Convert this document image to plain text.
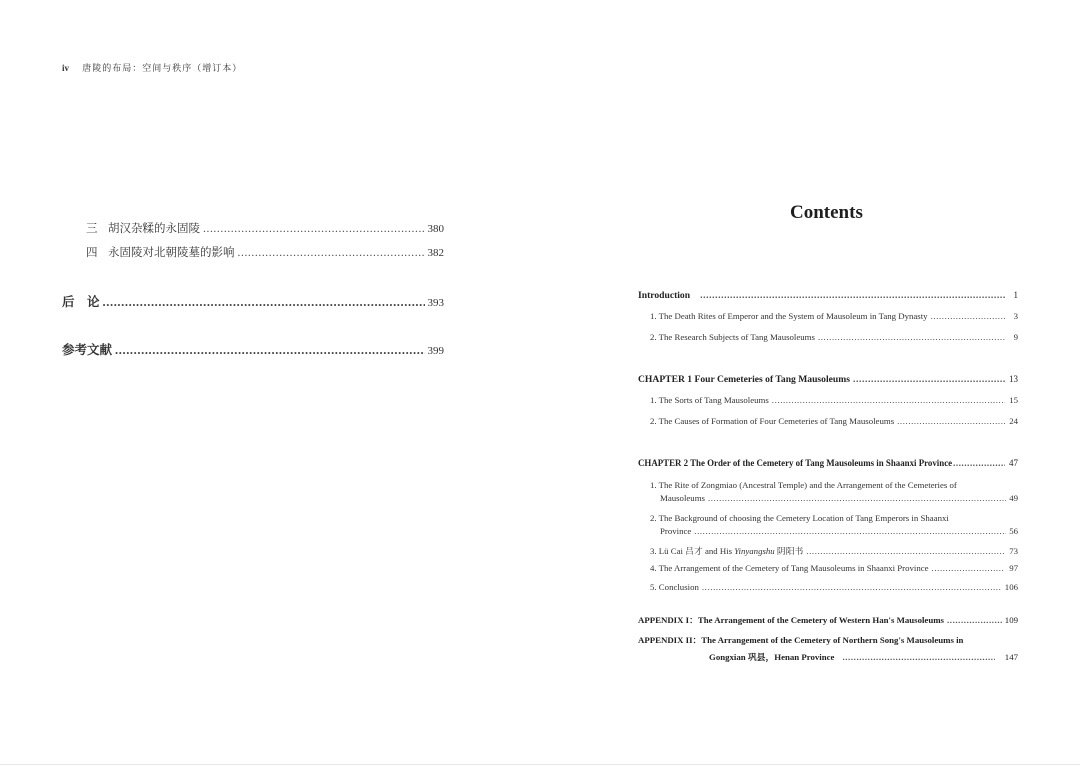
iv 唐陵的布局：空间与秩序（增订本）
三 胡汉杂糅的永固陵 .....	380
四 永固陵对北朝陵墓的影响 .....	382
后　论 .....	393
参考文献 .....	399
Contents
Introduction .....	1
1. The Death Rites of Emperor and the System of Mausoleum in Tang Dynasty .....	3
2. The Research Subjects of Tang Mausoleums .....	9
CHAPTER 1 Four Cemeteries of Tang Mausoleums .....	13
1. The Sorts of Tang Mausoleums .....	15
2. The Causes of Formation of Four Cemeteries of Tang Mausoleums .....	24
CHAPTER 2 The Order of the Cemetery of Tang Mausoleums in Shaanxi Province .....	47
1. The Rite of Zongmiao (Ancestral Temple) and the Arrangement of the Cemeteries of
Mausoleums .....	49
2. The Background of choosing the Cemetery Location of Tang Emperors in Shaanxi
Province .....	56
3. Lü Cai 吕才 and His Yinyangshu 阴阳书 .....	73
4. The Arrangement of the Cemetery of Tang Mausoleums in Shaanxi Province .....	97
5. Conclusion .....	106
APPENDIX I：The Arrangement of the Cemetery of Western Han's Mausoleums .....	109
APPENDIX II：The Arrangement of the Cemetery of Northern Song's Mausoleums in
Gongxian 巩县，Henan Province .....	147
